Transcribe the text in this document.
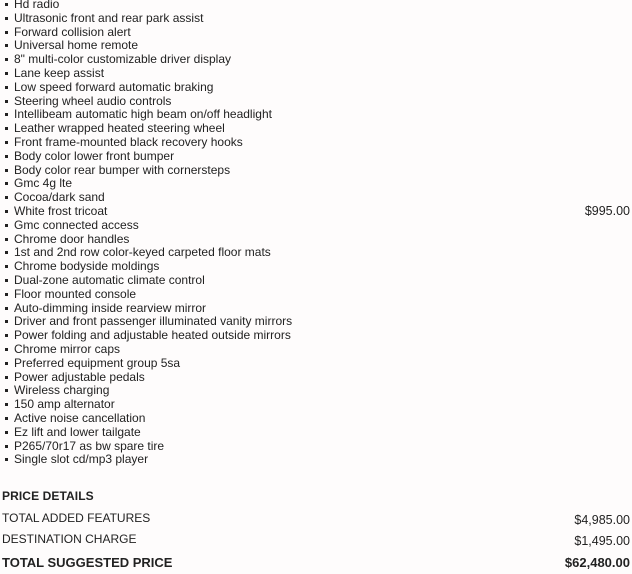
Hd radio
Ultrasonic front and rear park assist
Forward collision alert
Universal home remote
8" multi-color customizable driver display
Lane keep assist
Low speed forward automatic braking
Steering wheel audio controls
Intellibeam automatic high beam on/off headlight
Leather wrapped heated steering wheel
Front frame-mounted black recovery hooks
Body color lower front bumper
Body color rear bumper with cornersteps
Gmc 4g lte
Cocoa/dark sand
White frost tricoat	$995.00
Gmc connected access
Chrome door handles
1st and 2nd row color-keyed carpeted floor mats
Chrome bodyside moldings
Dual-zone automatic climate control
Floor mounted console
Auto-dimming inside rearview mirror
Driver and front passenger illuminated vanity mirrors
Power folding and adjustable heated outside mirrors
Chrome mirror caps
Preferred equipment group 5sa
Power adjustable pedals
Wireless charging
150 amp alternator
Active noise cancellation
Ez lift and lower tailgate
P265/70r17 as bw spare tire
Single slot cd/mp3 player
PRICE DETAILS
TOTAL ADDED FEATURES	$4,985.00
DESTINATION CHARGE	$1,495.00
TOTAL SUGGESTED PRICE	$62,480.00
